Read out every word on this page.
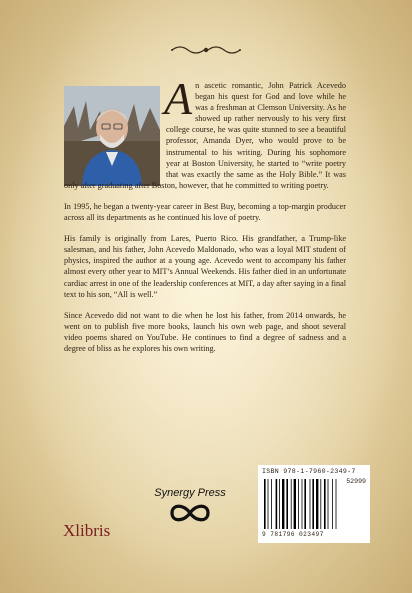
An ascetic romantic, John Patrick Acevedo began his quest for God and love while he was a freshman at Clemson University. As he showed up rather nervously to his very first college course, he was quite stunned to see a beautiful professor, Amanda Dyer, who would prove to be instrumental to his writing. During his sophomore year at Boston University, he started to “write poetry that was exactly the same as the Holy Bible.” It was only after graduating after Boston, however, that he committed to writing poetry.

In 1995, he began a twenty-year career in Best Buy, becoming a top-margin producer across all its departments as he continued his love of poetry.

His family is originally from Lares, Puerto Rico. His grandfather, a Trump-like salesman, and his father, John Acevedo Maldonado, who was a loyal MIT student of physics, inspired the author at a young age. Acevedo went to accompany his father almost every other year to MIT’s Annual Weekends. His father died in an unfortunate cardiac arrest in one of the leadership conferences at MIT, a day after saying in a final text to his son, “All is well.”

Since Acevedo did not want to die when he lost his father, from 2014 onwards, he went on to publish five more books, launch his own web page, and shoot several video poems shared on YouTube. He continues to find a degree of sadness and a degree of bliss as he explores his own writing.

Xlibris
Synergy Press
ISBN 978-1-7960-2349-7
52999
9 781796 023497
